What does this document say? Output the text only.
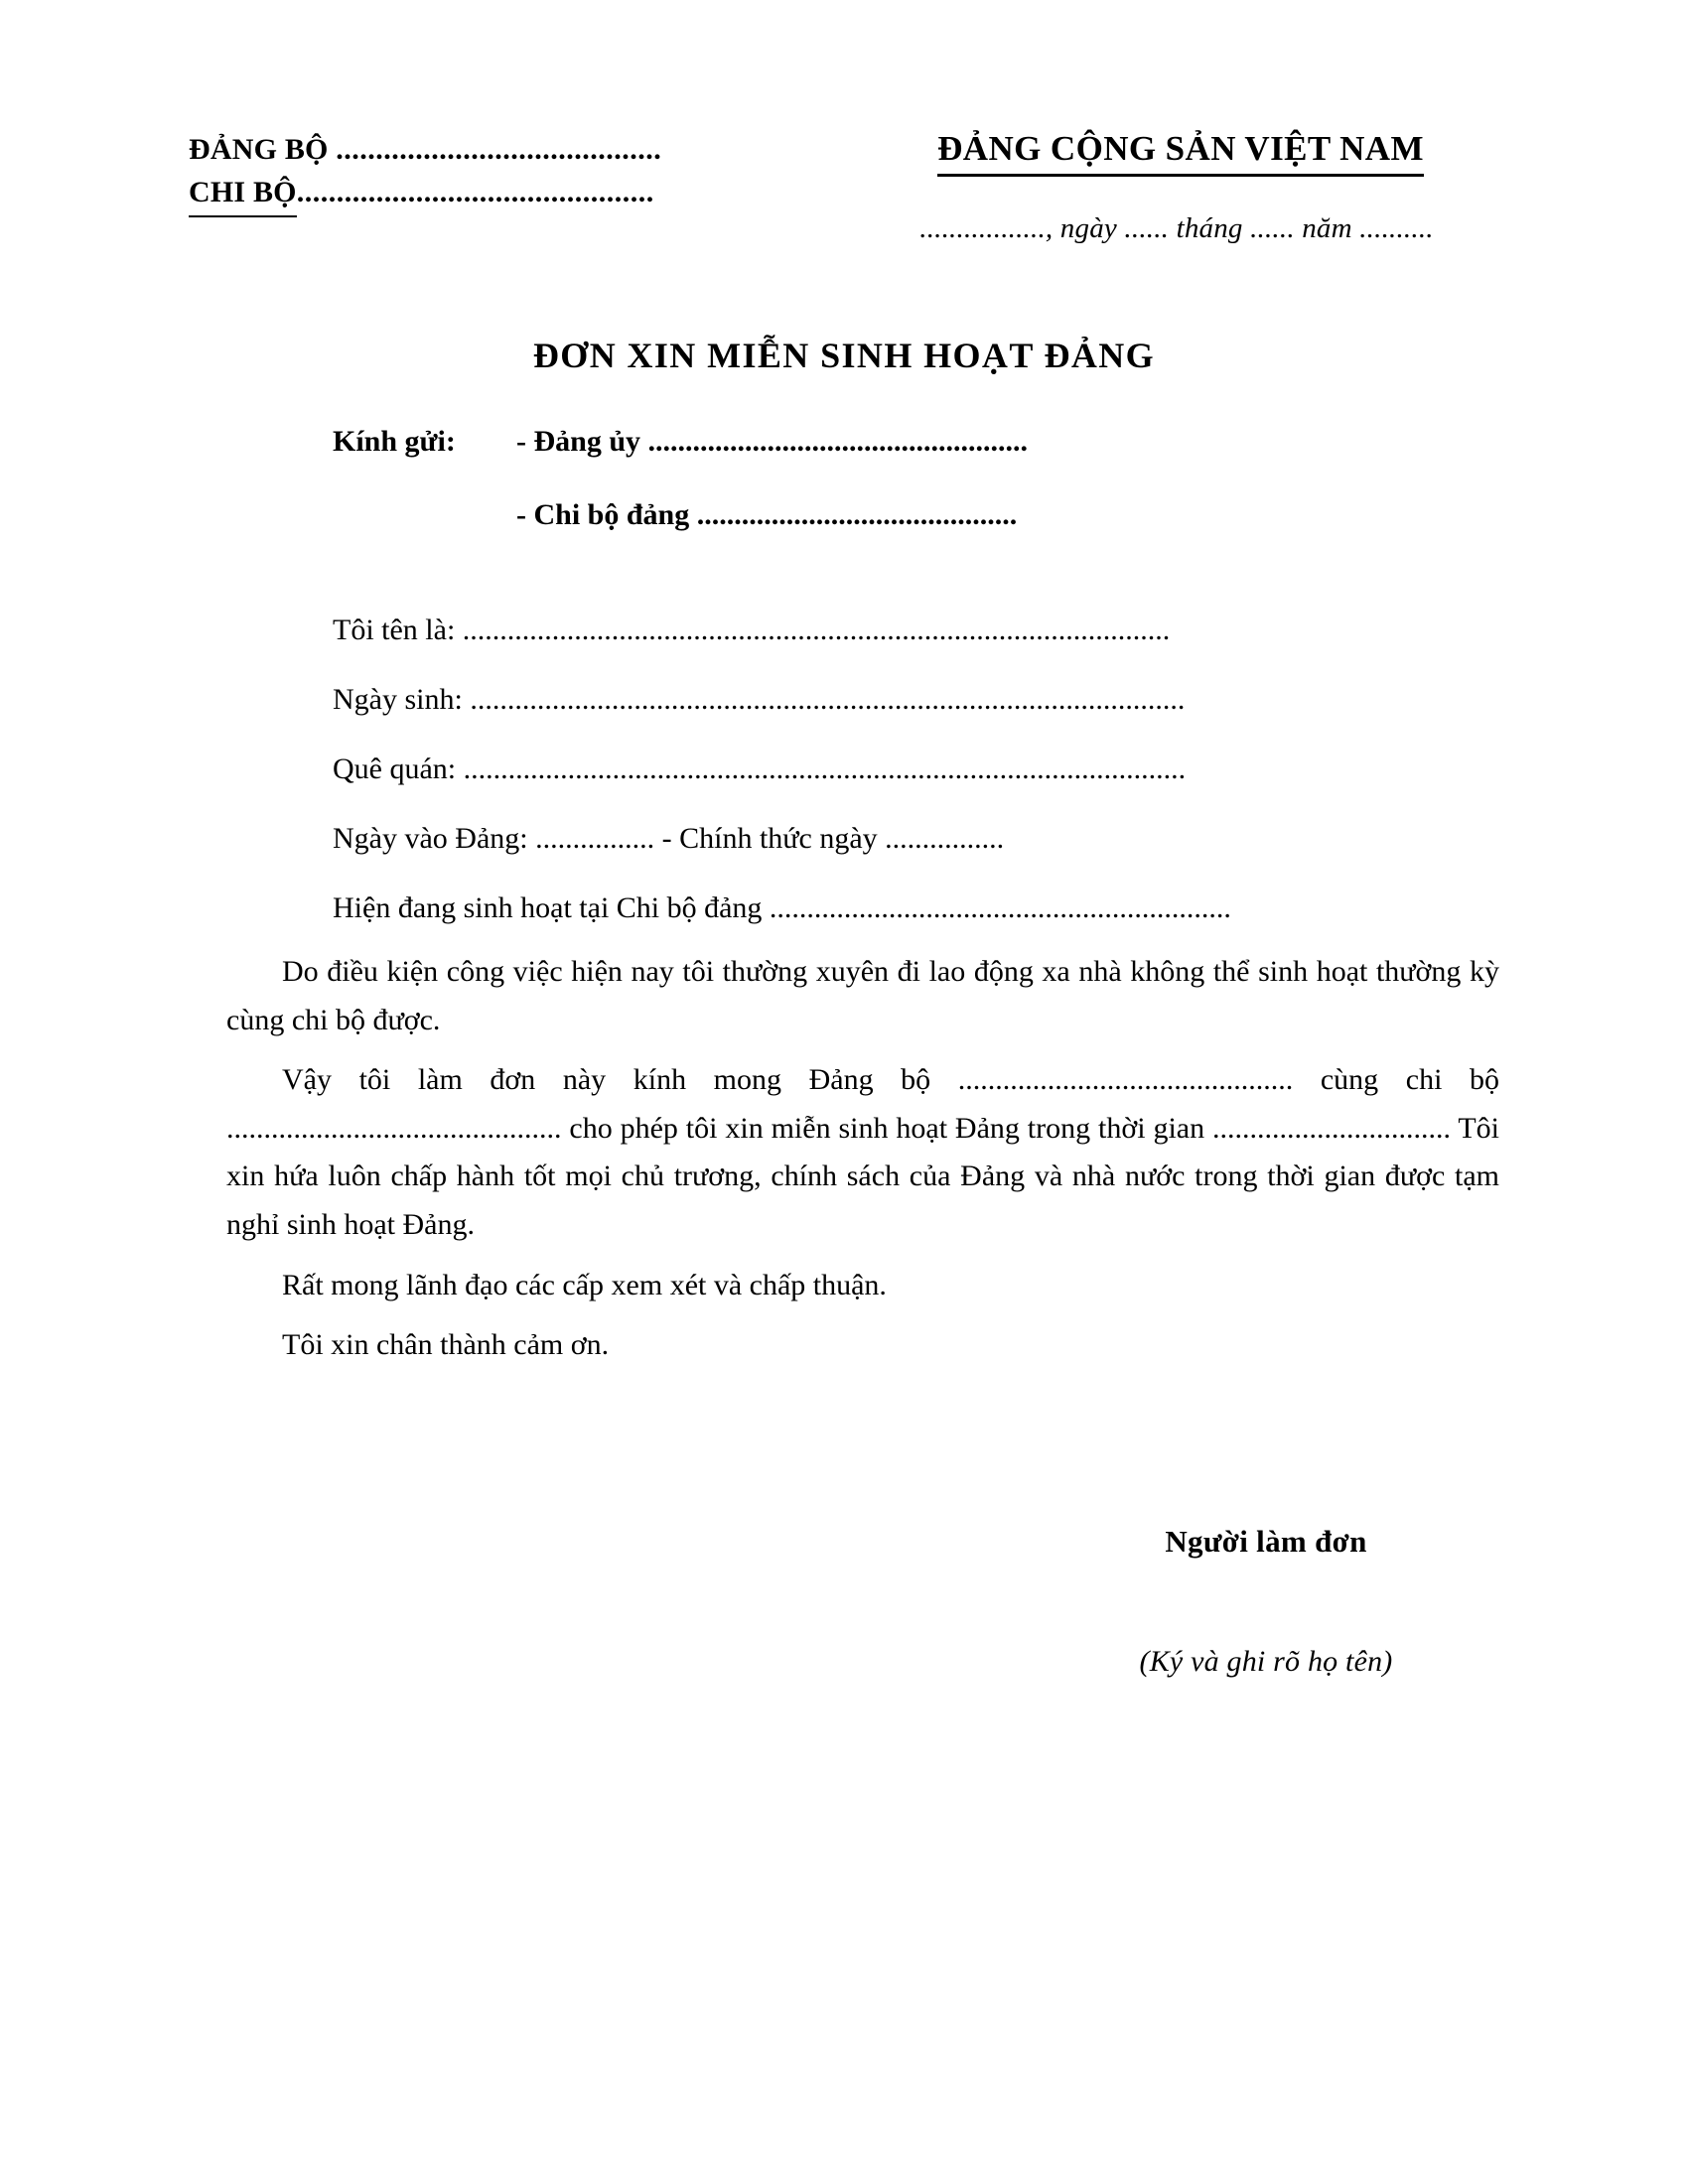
ĐẢNG BỘ .........................................
CHI BỘ.............................................
ĐẢNG CỘNG SẢN VIỆT NAM
................., ngày ...... tháng ...... năm ..........
ĐƠN XIN MIỄN SINH HOẠT ĐẢNG
Kính gửi:	- Đảng ủy ...................................................
- Chi bộ đảng ...........................................
Tôi tên là: ...............................................................................................
Ngày sinh: ................................................................................................
Quê quán: .................................................................................................
Ngày vào Đảng: ................ - Chính thức ngày ................
Hiện đang sinh hoạt tại Chi bộ đảng ..............................................................

Do điều kiện công việc hiện nay tôi thường xuyên đi lao động xa nhà không thể sinh hoạt thường kỳ cùng chi bộ được.

Vậy tôi làm đơn này kính mong Đảng bộ ............................................. cùng chi bộ ............................................. cho phép tôi xin miễn sinh hoạt Đảng trong thời gian ................................ Tôi xin hứa luôn chấp hành tốt mọi chủ trương, chính sách của Đảng và nhà nước trong thời gian được tạm nghỉ sinh hoạt Đảng.

Rất mong lãnh đạo các cấp xem xét và chấp thuận.

Tôi xin chân thành cảm ơn.

Người làm đơn
(Ký và ghi rõ họ tên)
